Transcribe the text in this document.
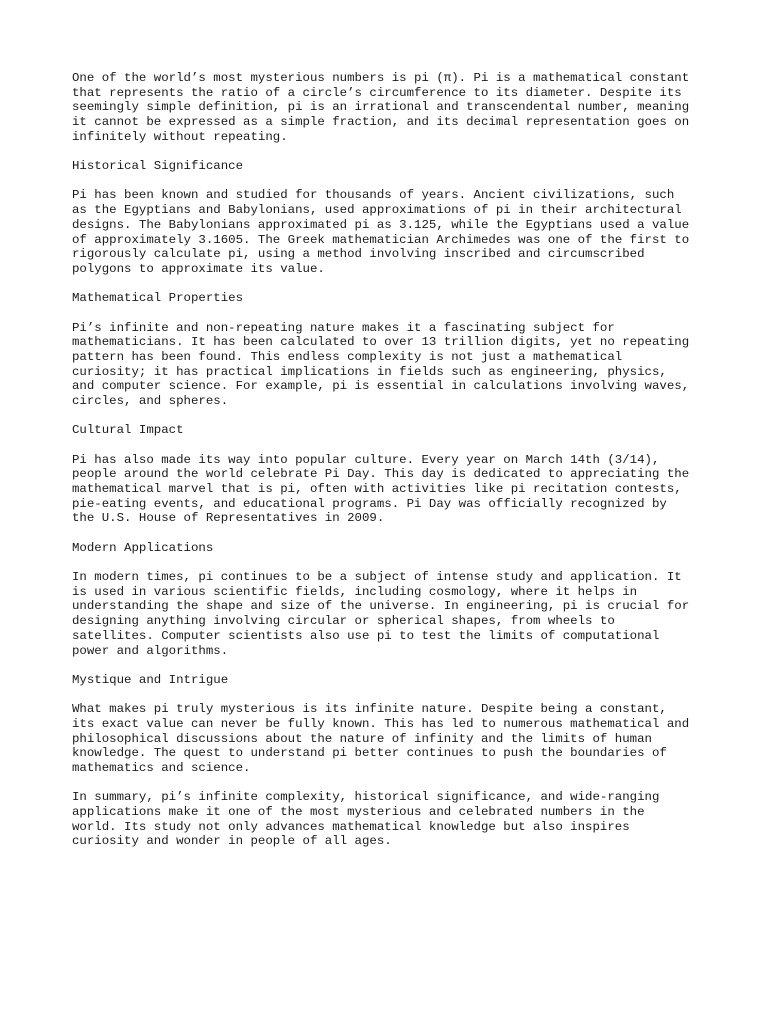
One of the world’s most mysterious numbers is pi (π). Pi is a mathematical constant
that represents the ratio of a circle’s circumference to its diameter. Despite its
seemingly simple definition, pi is an irrational and transcendental number, meaning
it cannot be expressed as a simple fraction, and its decimal representation goes on
infinitely without repeating.
Historical Significance
Pi has been known and studied for thousands of years. Ancient civilizations, such
as the Egyptians and Babylonians, used approximations of pi in their architectural
designs. The Babylonians approximated pi as 3.125, while the Egyptians used a value
of approximately 3.1605. The Greek mathematician Archimedes was one of the first to
rigorously calculate pi, using a method involving inscribed and circumscribed
polygons to approximate its value.
Mathematical Properties
Pi’s infinite and non-repeating nature makes it a fascinating subject for
mathematicians. It has been calculated to over 13 trillion digits, yet no repeating
pattern has been found. This endless complexity is not just a mathematical
curiosity; it has practical implications in fields such as engineering, physics,
and computer science. For example, pi is essential in calculations involving waves,
circles, and spheres.
Cultural Impact
Pi has also made its way into popular culture. Every year on March 14th (3/14),
people around the world celebrate Pi Day. This day is dedicated to appreciating the
mathematical marvel that is pi, often with activities like pi recitation contests,
pie-eating events, and educational programs. Pi Day was officially recognized by
the U.S. House of Representatives in 2009.
Modern Applications
In modern times, pi continues to be a subject of intense study and application. It
is used in various scientific fields, including cosmology, where it helps in
understanding the shape and size of the universe. In engineering, pi is crucial for
designing anything involving circular or spherical shapes, from wheels to
satellites. Computer scientists also use pi to test the limits of computational
power and algorithms.
Mystique and Intrigue
What makes pi truly mysterious is its infinite nature. Despite being a constant,
its exact value can never be fully known. This has led to numerous mathematical and
philosophical discussions about the nature of infinity and the limits of human
knowledge. The quest to understand pi better continues to push the boundaries of
mathematics and science.
In summary, pi’s infinite complexity, historical significance, and wide-ranging
applications make it one of the most mysterious and celebrated numbers in the
world. Its study not only advances mathematical knowledge but also inspires
curiosity and wonder in people of all ages.
